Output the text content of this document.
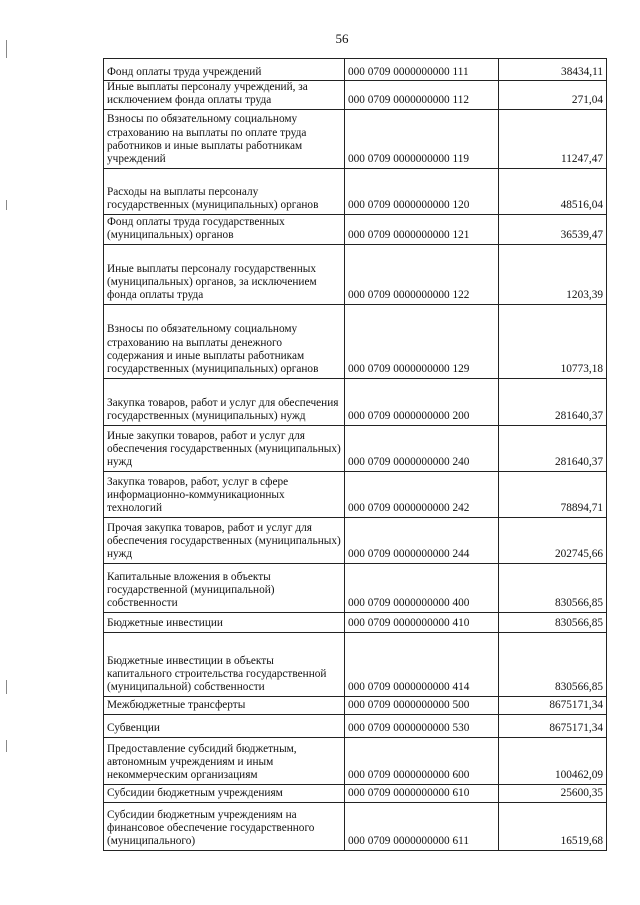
56
Фонд оплаты труда учреждений	000 0709 0000000000 111	38434,11
Иные выплаты персоналу учреждений, за исключением фонда оплаты труда	000 0709 0000000000 112	271,04
Взносы по обязательному социальному страхованию на выплаты по оплате труда работников и иные выплаты работникам учреждений	000 0709 0000000000 119	11247,47
Расходы на выплаты персоналу государственных (муниципальных) органов	000 0709 0000000000 120	48516,04
Фонд оплаты труда государственных (муниципальных) органов	000 0709 0000000000 121	36539,47
Иные выплаты персоналу государственных (муниципальных) органов, за исключением фонда оплаты труда	000 0709 0000000000 122	1203,39
Взносы по обязательному социальному страхованию на выплаты денежного содержания и иные выплаты работникам государственных (муниципальных) органов	000 0709 0000000000 129	10773,18
Закупка товаров, работ и услуг для обеспечения государственных (муниципальных) нужд	000 0709 0000000000 200	281640,37
Иные закупки товаров, работ и услуг для обеспечения государственных (муниципальных) нужд	000 0709 0000000000 240	281640,37
Закупка товаров, работ, услуг в сфере информационно-коммуникационных технологий	000 0709 0000000000 242	78894,71
Прочая закупка товаров, работ и услуг для обеспечения государственных (муниципальных) нужд	000 0709 0000000000 244	202745,66
Капитальные вложения в объекты государственной (муниципальной) собственности	000 0709 0000000000 400	830566,85
Бюджетные инвестиции	000 0709 0000000000 410	830566,85
Бюджетные инвестиции в объекты капитального строительства государственной (муниципальной) собственности	000 0709 0000000000 414	830566,85
Межбюджетные трансферты	000 0709 0000000000 500	8675171,34
Субвенции	000 0709 0000000000 530	8675171,34
Предоставление субсидий бюджетным, автономным учреждениям и иным некоммерческим организациям	000 0709 0000000000 600	100462,09
Субсидии бюджетным учреждениям	000 0709 0000000000 610	25600,35
Субсидии бюджетным учреждениям на финансовое обеспечение государственного (муниципального)	000 0709 0000000000 611	16519,68
